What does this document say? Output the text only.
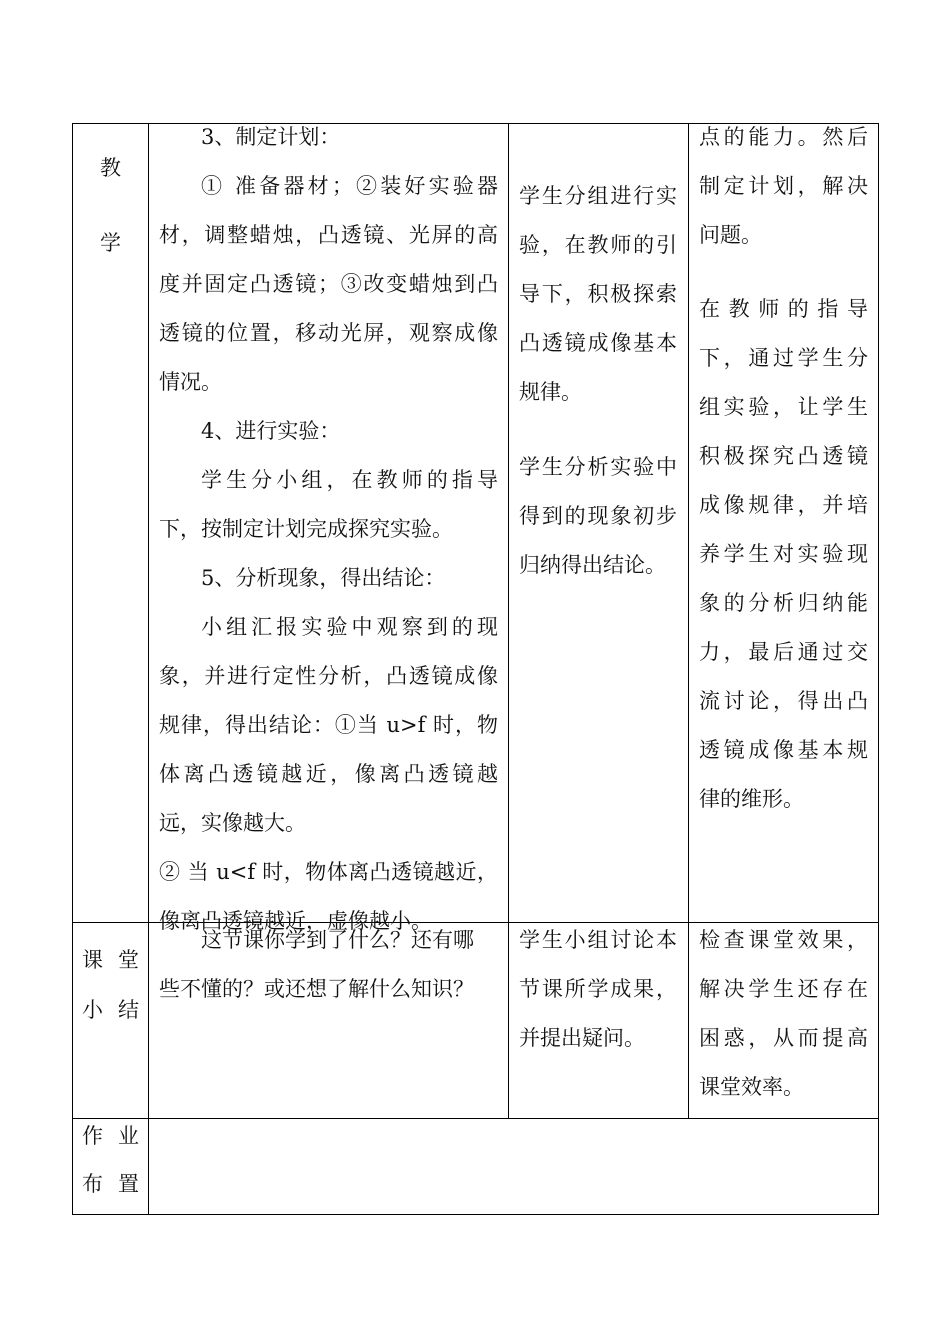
教
学

3、制定计划：

① 准备器材；②装好实验器

材，调整蜡烛，凸透镜、光屏的高

度并固定凸透镜；③改变蜡烛到凸

透镜的位置，移动光屏，观察成像

情况。

4、进行实验：

学生分小组，在教师的指导

下，按制定计划完成探究实验。

5、分析现象，得出结论：

小组汇报实验中观察到的现

象，并进行定性分析，凸透镜成像

规律，得出结论：①当 u>f 时，物

体离凸透镜越近，像离凸透镜越

远，实像越大。

② 当 u<f 时，物体离凸透镜越近，

像离凸透镜越近，虚像越小。

学生分组进行实

验，在教师的引

导下，积极探索

凸透镜成像基本

规律。

学生分析实验中

得到的现象初步

归纳得出结论。

点的能力。然后

制定计划，解决

问题。

在教师的指导

下，通过学生分

组实验，让学生

积极探究凸透镜

成像规律，并培

养学生对实验现

象的分析归纳能

力，最后通过交

流讨论，得出凸

透镜成像基本规

律的维形。

课 堂
小 结

这节课你学到了什么？还有哪

些不懂的？或还想了解什么知识？

学生小组讨论本

节课所学成果，

并提出疑问。

检查课堂效果，

解决学生还存在

困惑，从而提高

课堂效率。

作 业
布 置
